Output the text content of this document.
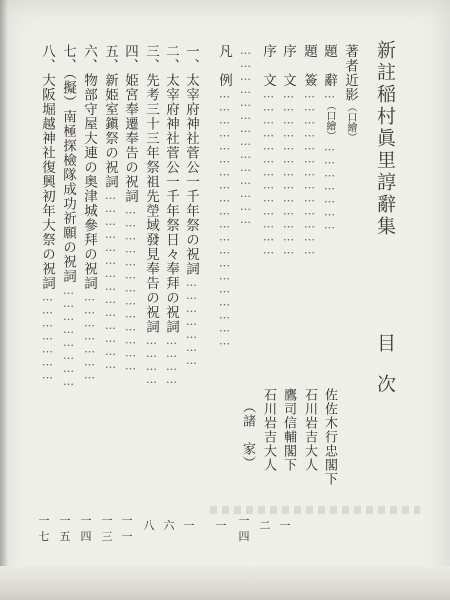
新註稲村眞里諄辭集
目次
著者近影（口繪）
題　辭…（口繪）…………………
佐佐木行忠閣下
題　簽…………………………………
石川岩吉大人
序　文…………………………………
鷹司信輔閣下
一
序　文…………………………………
石川岩吉大人
二
……………………………………
（諸　家）
一四
凡　例……………………………………………………
一
一、太宰府神社菅公一千年祭の祝詞…………………
一
二、太宰府神社菅公一千年祭日々奉拜の祝詞…………
六
三、先考三十三年祭祖先塋域發見奉告の祝詞…………
八
四、姫宮奉遷奉告の祝詞…………………………………
一一
五、新姫室鎭祭の祝詞……………………………………
一三
六、物部守屋大連の奥津城參拜の祝詞…………………
一四
七、（擬）南極探檢隊成功祈願の祝詞……………………
一五
八、大阪堀越神社復興初年大祭の祝詞…………………
一七
